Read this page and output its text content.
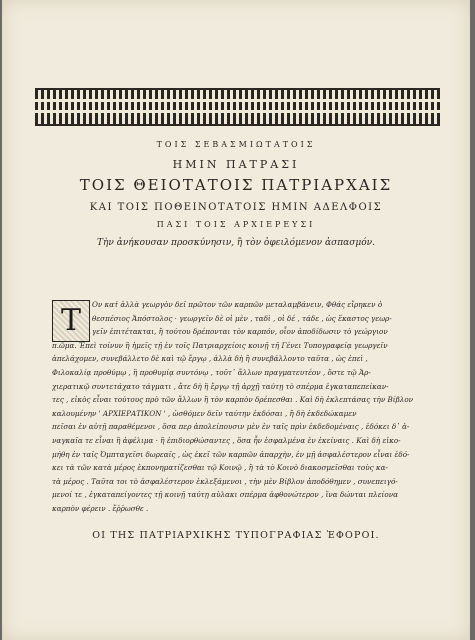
ΤΟΙΣ ΣΕΒΑΣΜΙΩΤΑΤΟΙΣ
ΗΜΙΝ ΠΑΤΡΑΣΙ
ΤΟΙΣ ΘΕΙΟΤΑΤΟΙΣ ΠΑΤΡΙΑΡΧΑΙΣ
ΚΑΙ ΤΟΙΣ ΠΟΘΕΙΝΟΤΑΤΟΙΣ ΗΜΙΝ ΑΔΕΛΦΟΙΣ
ΠΑΣΙ ΤΟΙΣ ΑΡΧΙΕΡΕΥΣΙ
Τὴν ἀνήκουσαν προσκύνησιν, ἢ τὸν ὀφειλόμενον ἀσπασμόν.
Τ	Ον κατ̓ ἀλλὰ γεωργὸν δεῖ πρῶτον τῶν καρπῶν μεταλαμβάνειν, Φθάς εἴρηκεν ὁ
θεσπέσιος Ἀπόστολος · γεωργεῖν δὲ οἱ μὲν , ταδὶ , οἱ δέ , τάδε , ὡς ἕκαστος γεωρ-
γεῖν ἐπιτέτακται, ἢ τούτου δρέπονται τὸν καρπόν, οἷον ἀποδίδωσιν τὸ γεώργιον
π.ῶμα. Ἐπεὶ τοίνυν ἢ ἡμεῖς τῇ ἐν τοῖς Πατριαρχείοις κοινῇ τῆ Γένει Τυπογραφείᾳ γεωργεῖν
ἀπελάχομεν, συνεβάλλετο δὲ καὶ τῷ ἔργῳ , ἀλλὰ δὴ ἢ συνεβάλλοντο ταῦτα , ὡς ἐπεὶ ,
Φιλοκαλίᾳ προθύμῳ , ἢ προθυμίᾳ συντόνῳ , τοῦτ᾽ ἄλλων πραγματευτέον , ὅστε τῷ Ἀρ-
χιερατικῷ συντετάχατο τάγματι , ἄτε δὴ ἢ ἔργῳ τῇ ἀρχῇ ταύτῃ τὸ σπέρμα ἐγκαταπεπείκαν-
τες , εἰκὸς εἶναι τούτους πρὸ τῶν ἄλλων ἢ τὸν καρπὸν δρέπεσθαι . Καὶ δὴ ἐκλεπτάσας τὴν Βίβλον
καλουμένην ' ΑΡΧΙΕΡΑΤΙΚΟΝ ' , ὡσθόμεν δεῖν ταύτην ἐκδόσαι , ἢ δὴ ἐκδεδώκαμεν
πεῖσαι ἐν αὐτῇ παραθέμενοι , ὅσα περ ἀπολείπουσιν μὲν ἐν ταῖς πρὶν ἐκδεδομέναις , ἐδόκει δ᾽ ἀ-
ναγκαῖα τε εἶναι ἢ ἀφέλιμα · ἢ ἐπιδιορθώσαντες , ὅσα ἦν ἐσφαλμένα ἐν ἐκείναις . Καὶ δὴ εἰκο-
μήθη ἐν ταῖς Ὀμπταγεῖσι δωρεαῖς , ὡς ἐκεῖ τῶν καρπῶν ἀπαρχὴν, ἐν μῇ ἀσφαλέστερον εἶναι ἐδό-
κει τὰ τῶν κατὰ μέρος ἐκπονηματίζεσθαι τῷ Κοινῷ , ἢ τὰ τὸ Κοινὸ διακοσμεῖσθαι τοὺς κα-
τὰ μέρος . Ταῦτα τοι τὸ ἀσφαλέστερον ἐκλεξάμενοι , τὴν μὲν Βίβλον ἀποδόθημεν , συνεπειγό-
μενοί τε , ἐγκαταπείγοντες τῇ κοινῇ ταύτῃ αὐλακι σπέρμα ἀφθονώτερον , ἵνα δώνται πλείονα
καρπὸν φέρειν . ἔῤῥωσθε .
ΟΙ ΤΗΣ ΠΑΤΡΙΑΡΧΙΚΗΣ ΤΥΠΟΓΡΑΦΙΑΣ ἘΦΟΡΟΙ.
